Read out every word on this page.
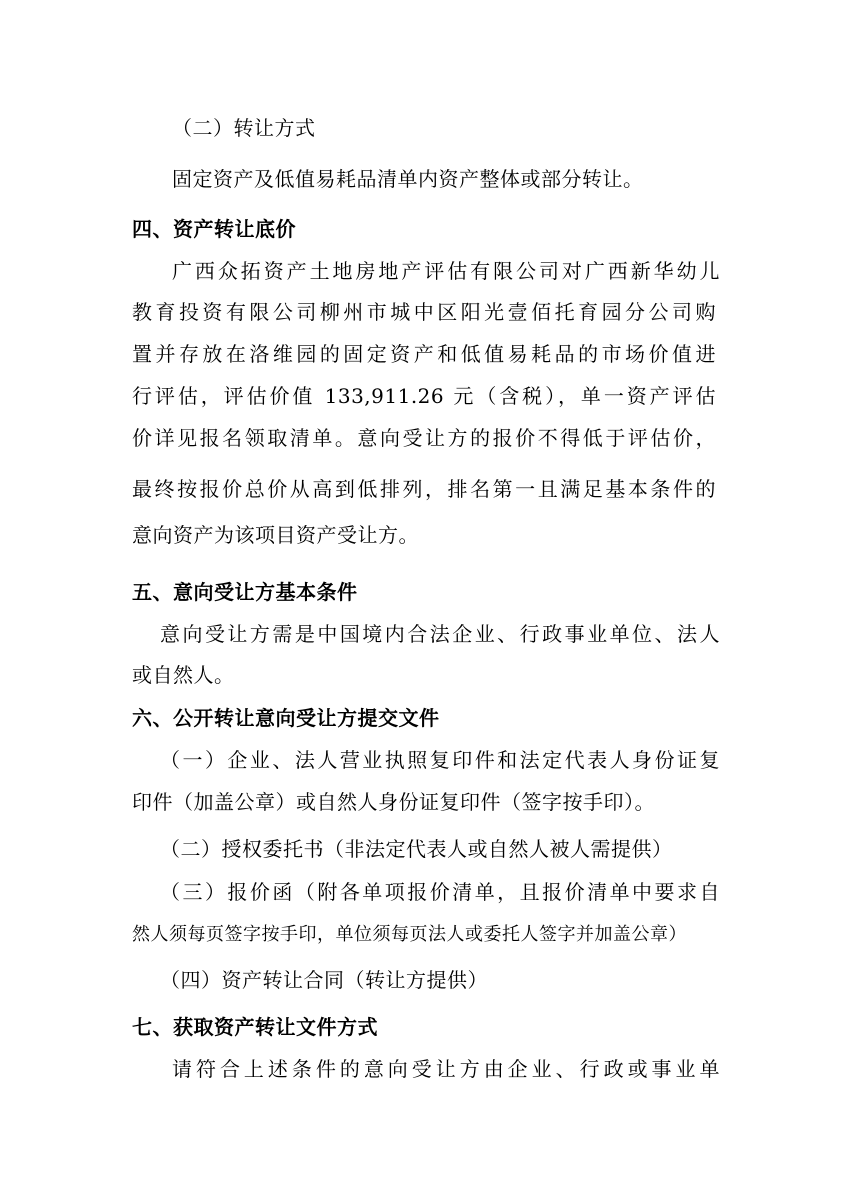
（二）转让方式
固定资产及低值易耗品清单内资产整体或部分转让。
四、资产转让底价
广西众拓资产土地房地产评估有限公司对广西新华幼儿
教育投资有限公司柳州市城中区阳光壹佰托育园分公司购
置并存放在洛维园的固定资产和低值易耗品的市场价值进
行评估，评估价值 133,911.26 元（含税），单一资产评估
价详见报名领取清单。意向受让方的报价不得低于评估价，
最终按报价总价从高到低排列，排名第一且满足基本条件的
意向资产为该项目资产受让方。
五、意向受让方基本条件
意向受让方需是中国境内合法企业、行政事业单位、法人
或自然人。
六、公开转让意向受让方提交文件
（一）企业、法人营业执照复印件和法定代表人身份证复
印件（加盖公章）或自然人身份证复印件（签字按手印）。
（二）授权委托书（非法定代表人或自然人被人需提供）
（三）报价函（附各单项报价清单，且报价清单中要求自
然人须每页签字按手印，单位须每页法人或委托人签字并加盖公章）
（四）资产转让合同（转让方提供）
七、获取资产转让文件方式
请符合上述条件的意向受让方由企业、行政或事业单
